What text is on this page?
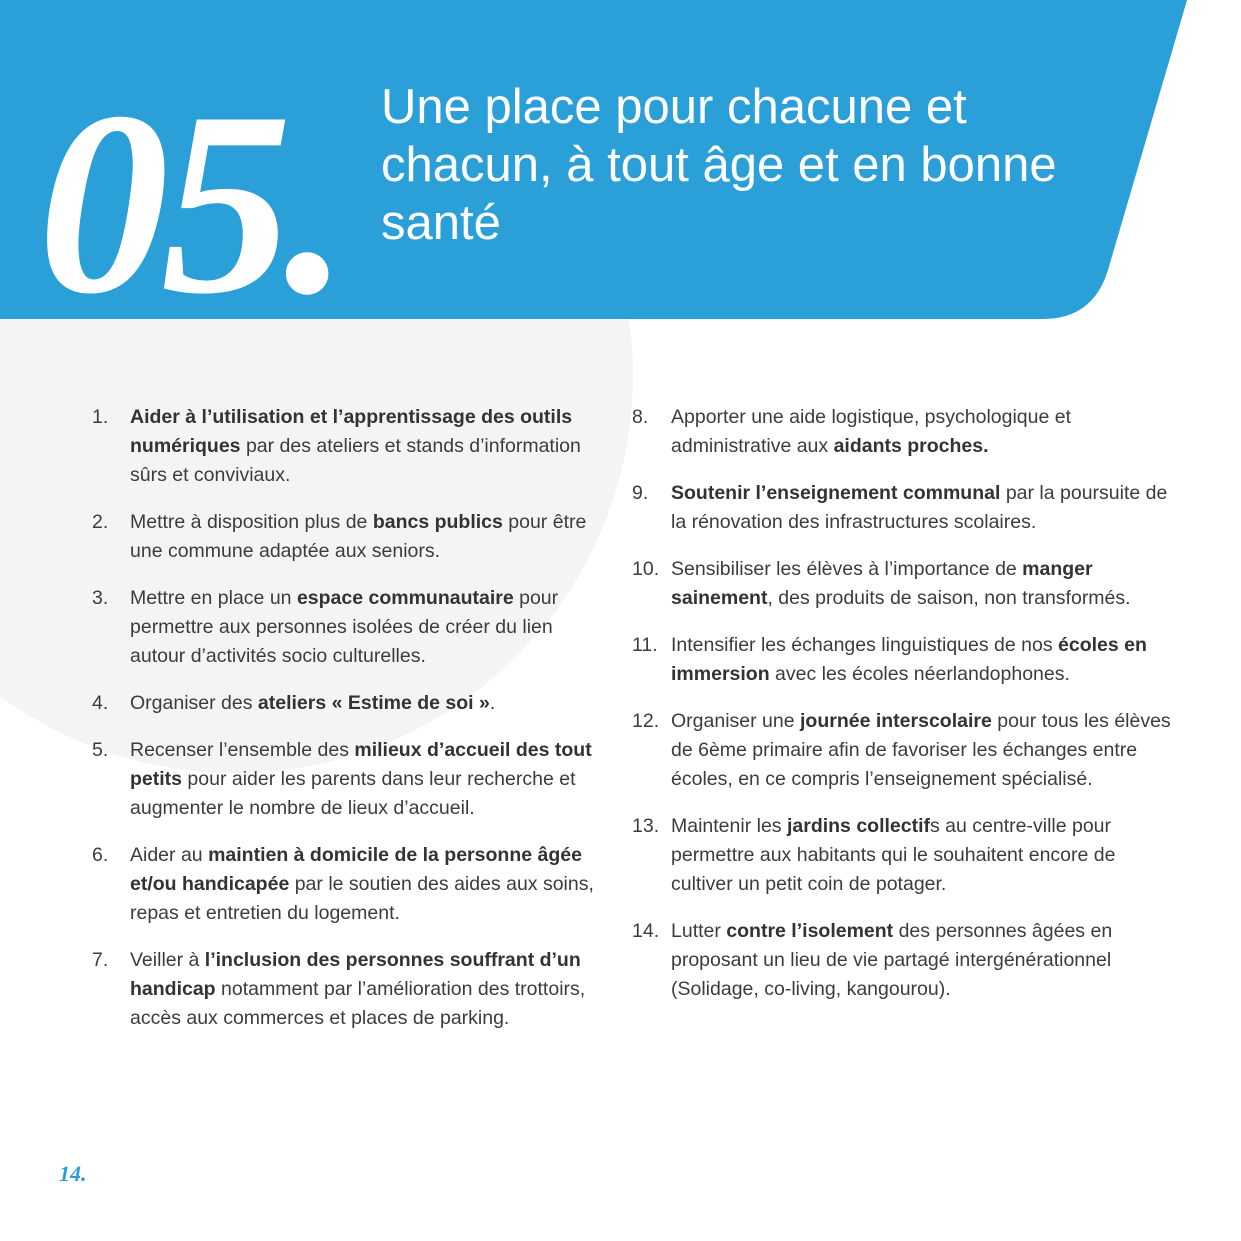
05. Une place pour chacune et chacun, à tout âge et en bonne santé
1.	Aider à l’utilisation et l’apprentissage des outils numériques par des ateliers et stands d’information sûrs et conviviaux.
2.	Mettre à disposition plus de bancs publics pour être une commune adaptée aux seniors.
3.	Mettre en place un espace communautaire pour permettre aux personnes isolées de créer du lien autour d’activités socio culturelles.
4.	Organiser des ateliers « Estime de soi ».
5.	Recenser l’ensemble des milieux d’accueil des tout petits pour aider les parents dans leur recherche et augmenter le nombre de lieux d’accueil.
6.	Aider au maintien à domicile de la personne âgée et/ou handicapée par le soutien des aides aux soins, repas et entretien du logement.
7.	Veiller à l’inclusion des personnes souffrant d’un handicap notamment par l’amélioration des trottoirs, accès aux commerces et places de parking.
8.	Apporter une aide logistique, psychologique et administrative aux aidants proches.
9.	Soutenir l’enseignement communal par la poursuite de la rénovation des infrastructures scolaires.
10. Sensibiliser les élèves à l’importance de manger sainement, des produits de saison, non transformés.
11. Intensifier les échanges linguistiques de nos écoles en immersion avec les écoles néerlandophones.
12. Organiser une journée interscolaire pour tous les élèves de 6ème primaire afin de favoriser les échanges entre écoles, en ce compris l’enseignement spécialisé.
13. Maintenir les jardins collectifs au centre-ville pour permettre aux habitants qui le souhaitent encore de cultiver un petit coin de potager.
14. Lutter contre l’isolement des personnes âgées en proposant un lieu de vie partagé intergénérationnel (Solidage, co-living, kangourou).
14.
